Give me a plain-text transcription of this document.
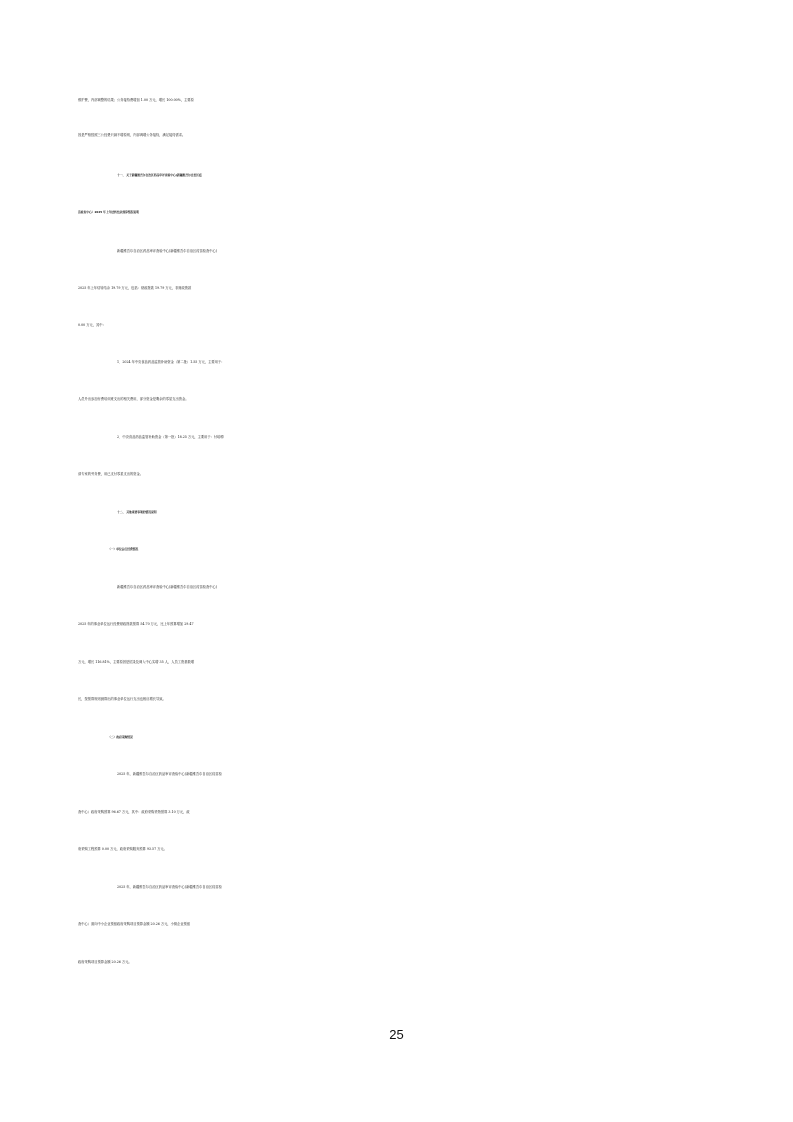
维护费，内部调整的结果；公务接待费增加 1.00 万元，增长 100.00%，主要原
因是严格按照三公经费只减不增原则，内部调增公务接待，满足接待需求。
十一、 关于新疆维吾尔自治区药品审评查验中心(新疆维吾尔自治区疫
苗检查中心）2025 年上年结转结余预算情况说明
新疆维吾尔自治区药品审评查验中心(新疆维吾尔自治区疫苗检查中心)
2025 年上年结转结余 19.79 万元，包括：财政拨款 19.79 万元，非财政拨款
0.00 万元，其中：
1．2024 年中央食品药品监管补助资金（第二批）1.55 万元，主要用于：
人员外出参加付费培训班支出的相关费用，部分资金是剩余的零星支出资金。
2．中央食品药品监管补助资金（第一批）18.25 万元，主要用于：付给聘
请专家的劳务费，用已支付零星支出的资金。
十二、 其他重要事项的情况说明
（一）单位运行经费情况
新疆维吾尔自治区药品审评查验中心(新疆维吾尔自治区疫苗检查中心)
2025 年的事业单位运行经费财政拨款预算 54.70 万元，比上年预算增加 29.47
万元，增长 116.81%，主要原因是招录及调入中心实增 35 人，人员工资基数增
长，按预算规则测算出的事业单位运行支出也相应增长导致。
（二）政府采购情况
2025 年，新疆维吾尔自治区药品审评查验中心(新疆维吾尔自治区疫苗检
查中心）政府采购预算 96.67 万元，其中：政府采购货物预算 3.10 万元，政
府采购工程预算 0.00 万元，政府采购服务预算 93.57 万元。
2025 年，新疆维吾尔自治区药品审评查验中心(新疆维吾尔自治区疫苗检
查中心）面向中小企业预留政府采购项目预算金额 20.26 万元，小微企业预留
政府采购项目预算金额 20.26 万元。
25
